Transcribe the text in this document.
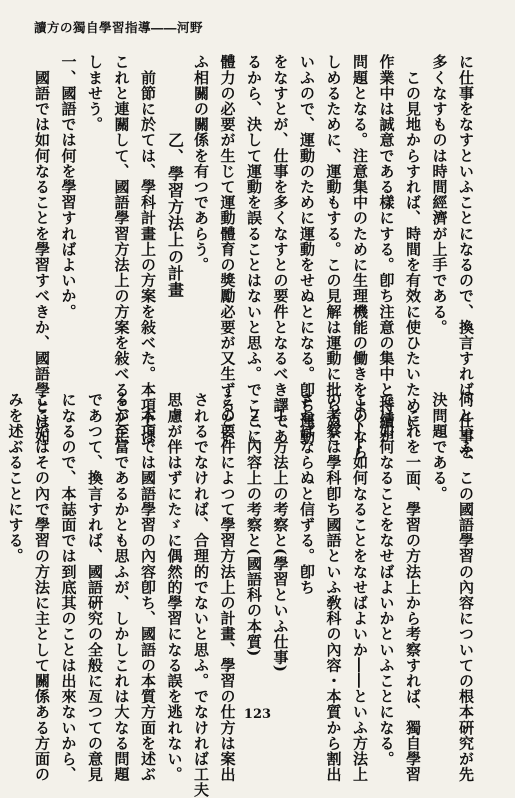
讀方の獨自學習指導――河野
に仕事をなすといふことになるので、換言すれば、仕事を
多くなすものは時間經濟が上手である。
　この見地からすれば、時間を有效に使ひたいために、
作業中は誠意である樣にする。卽ち注意の集中と持續が
問題となる。注意集中のために生理機能の働きをよくなら
しめるために、運動もする。この見解は運動に批らぬと
いふので、運動のために運動をせぬとになる。卽ち運動
をなすとが、仕事を多くなすとの要件となるべき譯であ
るから、決して運動を誤ることはないと思ふ。でここに
體力の必要が生じて運動體育の獎勵必要が又生ずるとい
ふ相關の關係を有つであらう。
乙、學習方法上の計畫
　前節に於ては、學科計畫上の方案を敍べた。本項では
これと連關して、國語學習方法上の方案を敍べることに
しませう。
一、國語では何を學習すればよいか。
　國語では如何なることを學習すべきか、國語學とは如
何といふ、この國語學習の內容についての根本硏究が先
決問題である。
　これを一面、學習の方法上から考察すれば、獨自學習
では如何なることをなせばよいかといふことになる。
この――如何なることをなせばよいか――といふ方法上
の考察は學科卽ち國語といふ敎科の內容・本質から割出
さねばならぬと信ずる。卽ち
　１、方法上の考察と(學習といふ仕事)
　２、內容上の考察と(國語科の本質)
この要件によつて學習方法上の計畫、學習の仕方は案出
されるでなければ、合理的でないと思ふ。でなければ工夫
思慮が伴はずにたゞに偶然的學習になる誤を逃れない。
　本項では國語學習の內容卽ち、國語の本質方面を述ぶ
るが至當であるかとも思ふが、しかしこれは大なる問題
であつて、換言すれば、國語硏究の全般に亙つての意見
になるので、本誌面では到底其のことは出來ないから、
ここではその內で學習の方法に主として關係ある方面の
みを述ぶることにする。
123
